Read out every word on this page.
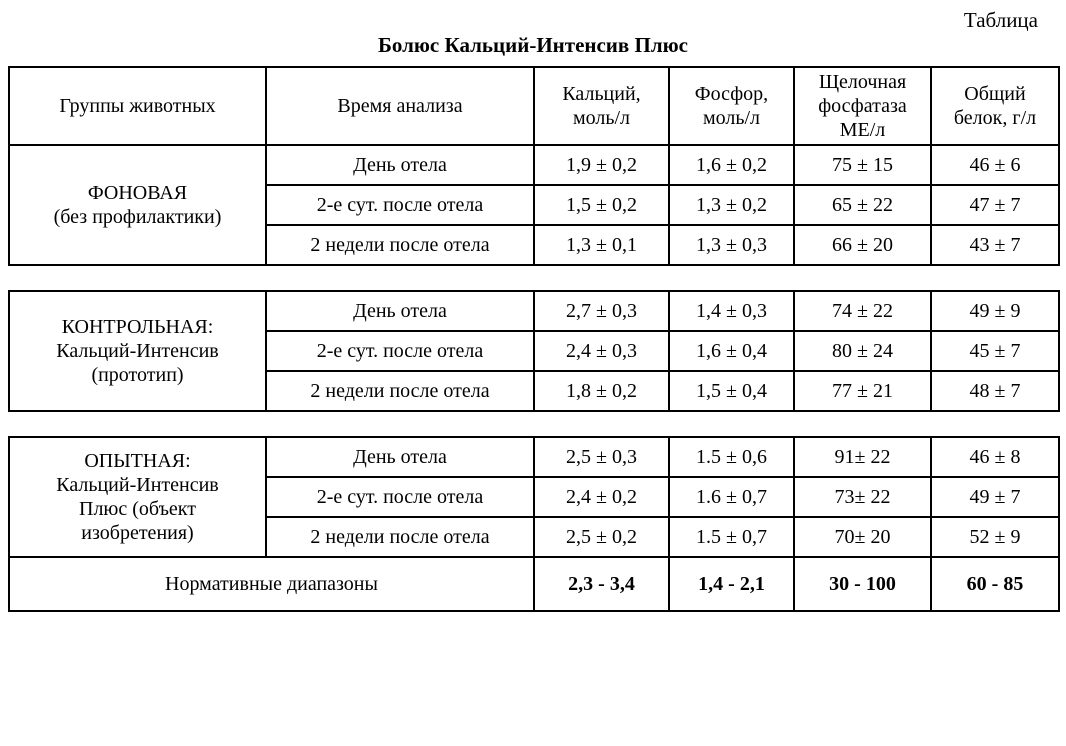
Таблица
Болюс Кальций-Интенсив Плюс
Группы животных	Время анализа	Кальций,
моль/л	Фосфор,
моль/л	Щелочная
фосфатаза
МЕ/л	Общий
белок, г/л
ФОНОВАЯ
(без профилактики)	День отела	1,9 ± 0,2	1,6 ± 0,2	75 ± 15	46 ± 6
	2-е сут. после отела	1,5 ± 0,2	1,3 ± 0,2	65 ± 22	47 ± 7
	2 недели после отела	1,3 ± 0,1	1,3 ± 0,3	66 ± 20	43 ± 7

КОНТРОЛЬНАЯ:
Кальций-Интенсив
(прототип)	День отела	2,7 ± 0,3	1,4 ± 0,3	74 ± 22	49 ± 9
	2-е сут. после отела	2,4 ± 0,3	1,6 ± 0,4	80 ± 24	45 ± 7
	2 недели после отела	1,8 ± 0,2	1,5 ± 0,4	77 ± 21	48 ± 7

ОПЫТНАЯ:
Кальций-Интенсив
Плюс (объект
изобретения)	День отела	2,5 ± 0,3	1.5 ± 0,6	91± 22	46 ± 8
	2-е сут. после отела	2,4 ± 0,2	1.6 ± 0,7	73± 22	49 ± 7
	2 недели после отела	2,5 ± 0,2	1.5 ± 0,7	70± 20	52 ± 9
Нормативные диапазоны		2,3 - 3,4	1,4 - 2,1	30 - 100	60 - 85
